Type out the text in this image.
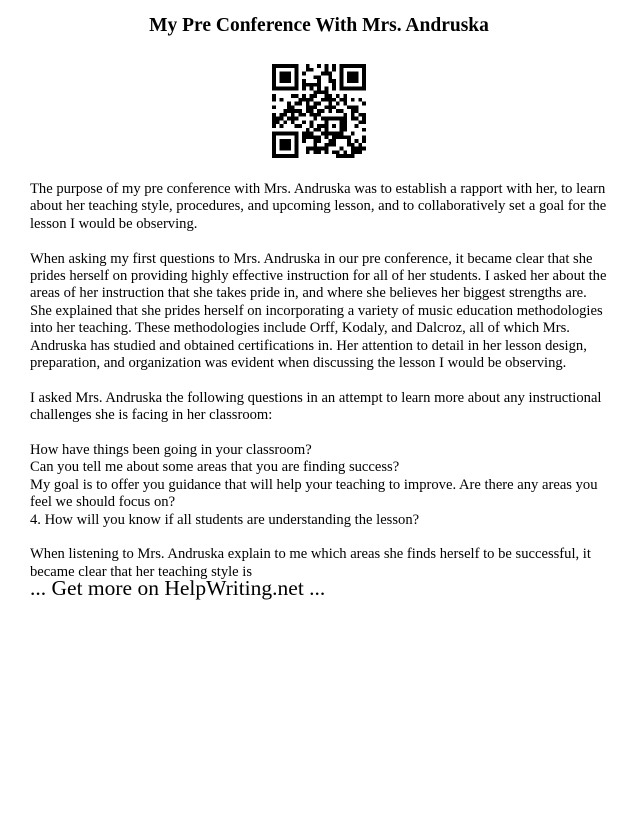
My Pre Conference With Mrs. Andruska

The purpose of my pre conference with Mrs. Andruska was to establish a rapport with her, to learn about her teaching style, procedures, and upcoming lesson, and to collaboratively set a goal for the lesson I would be observing.

When asking my first questions to Mrs. Andruska in our pre conference, it became clear that she prides herself on providing highly effective instruction for all of her students. I asked her about the areas of her instruction that she takes pride in, and where she believes her biggest strengths are. She explained that she prides herself on incorporating a variety of music education methodologies into her teaching. These methodologies include Orff, Kodaly, and Dalcroz, all of which Mrs. Andruska has studied and obtained certifications in. Her attention to detail in her lesson design, preparation, and organization was evident when discussing the lesson I would be observing.

I asked Mrs. Andruska the following questions in an attempt to learn more about any instructional challenges she is facing in her classroom:

How have things been going in your classroom?

Can you tell me about some areas that you are finding success?

My goal is to offer you guidance that will help your teaching to improve. Are there any areas you feel we should focus on?

4. How will you know if all students are understanding the lesson?

When listening to Mrs. Andruska explain to me which areas she finds herself to be successful, it became clear that her teaching style is

... Get more on HelpWriting.net ...
